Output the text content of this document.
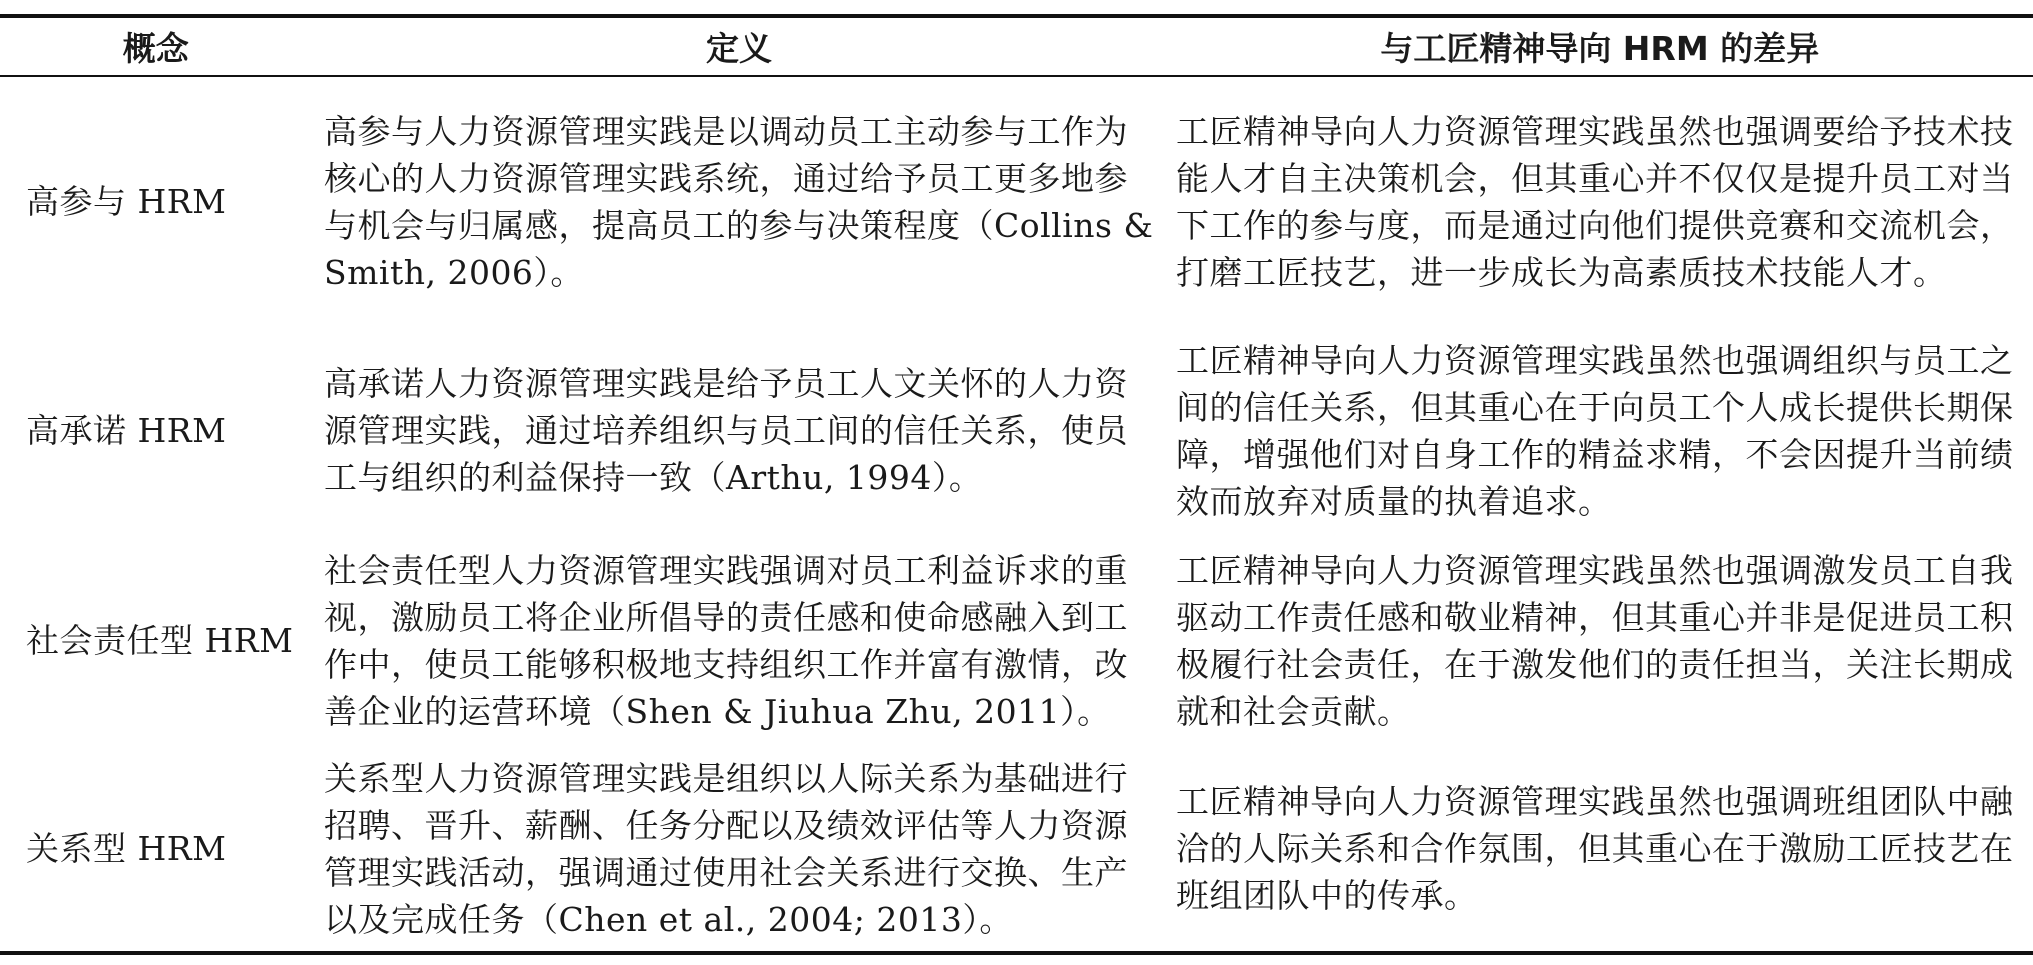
概念	定义	与工匠精神导向 HRM 的差异
高参与 HRM	高参与人力资源管理实践是以调动员工主动参与工作为核心的人力资源管理实践系统，通过给予员工更多地参与机会与归属感，提高员工的参与决策程度（Collins & Smith, 2006）。	工匠精神导向人力资源管理实践虽然也强调要给予技术技能人才自主决策机会，但其重心并不仅仅是提升员工对当下工作的参与度，而是通过向他们提供竞赛和交流机会，打磨工匠技艺，进一步成长为高素质技术技能人才。
高承诺 HRM	高承诺人力资源管理实践是给予员工人文关怀的人力资源管理实践，通过培养组织与员工间的信任关系，使员工与组织的利益保持一致（Arthu, 1994）。	工匠精神导向人力资源管理实践虽然也强调组织与员工之间的信任关系，但其重心在于向员工个人成长提供长期保障，增强他们对自身工作的精益求精，不会因提升当前绩效而放弃对质量的执着追求。
社会责任型 HRM	社会责任型人力资源管理实践强调对员工利益诉求的重视，激励员工将企业所倡导的责任感和使命感融入到工作中，使员工能够积极地支持组织工作并富有激情，改善企业的运营环境（Shen & Jiuhua Zhu, 2011）。	工匠精神导向人力资源管理实践虽然也强调激发员工自我驱动工作责任感和敬业精神，但其重心并非是促进员工积极履行社会责任，在于激发他们的责任担当，关注长期成就和社会贡献。
关系型 HRM	关系型人力资源管理实践是组织以人际关系为基础进行招聘、晋升、薪酬、任务分配以及绩效评估等人力资源管理实践活动，强调通过使用社会关系进行交换、生产以及完成任务（Chen et al., 2004; 2013）。	工匠精神导向人力资源管理实践虽然也强调班组团队中融洽的人际关系和合作氛围，但其重心在于激励工匠技艺在班组团队中的传承。
